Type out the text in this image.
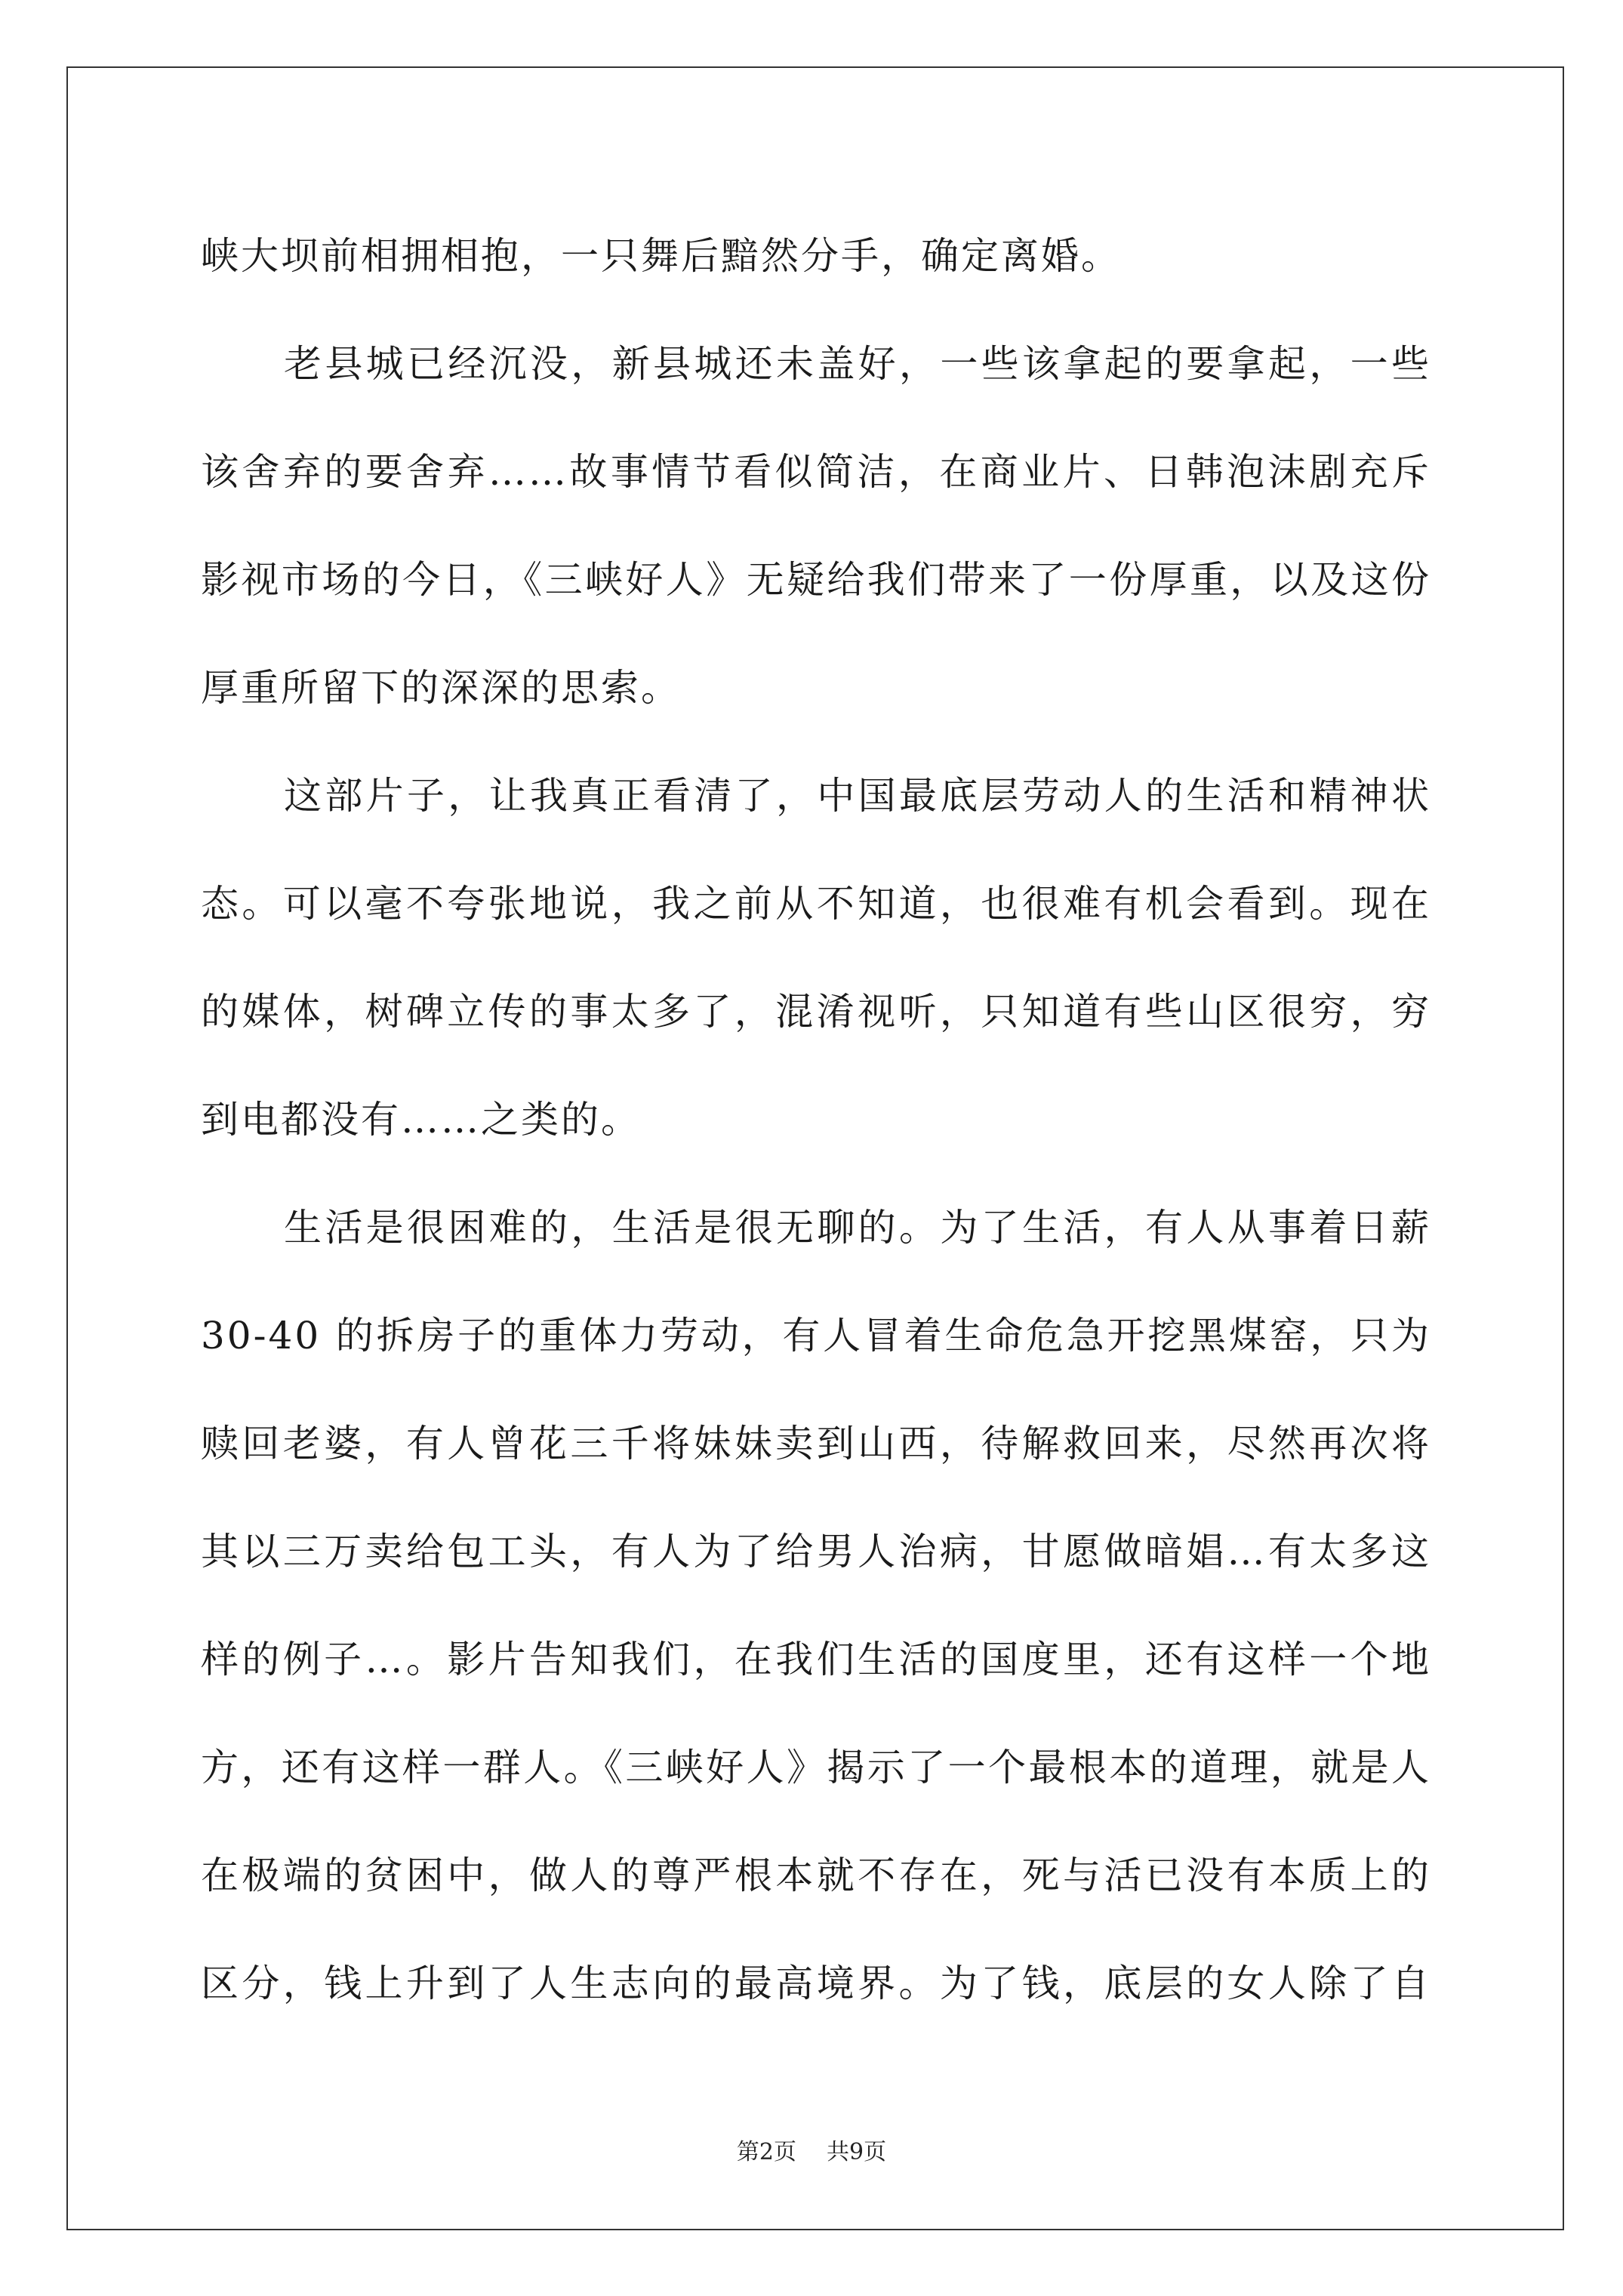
峡大坝前相拥相抱，一只舞后黯然分手，确定离婚。
老县城已经沉没，新县城还未盖好，一些该拿起的要拿起，一些
该舍弃的要舍弃……故事情节看似简洁，在商业片、日韩泡沫剧充斥
影视市场的今日，《三峡好人》无疑给我们带来了一份厚重，以及这份
厚重所留下的深深的思索。
这部片子，让我真正看清了，中国最底层劳动人的生活和精神状
态。可以毫不夸张地说，我之前从不知道，也很难有机会看到。现在
的媒体，树碑立传的事太多了，混淆视听，只知道有些山区很穷，穷
到电都没有……之类的。
生活是很困难的，生活是很无聊的。为了生活，有人从事着日薪
30-40 的拆房子的重体力劳动，有人冒着生命危急开挖黑煤窑，只为
赎回老婆，有人曾花三千将妹妹卖到山西，待解救回来，尽然再次将
其以三万卖给包工头，有人为了给男人治病，甘愿做暗娼…有太多这
样的例子…。影片告知我们，在我们生活的国度里，还有这样一个地
方，还有这样一群人。《三峡好人》揭示了一个最根本的道理，就是人
在极端的贫困中，做人的尊严根本就不存在，死与活已没有本质上的
区分，钱上升到了人生志向的最高境界。为了钱，底层的女人除了自
第2页 共9页
